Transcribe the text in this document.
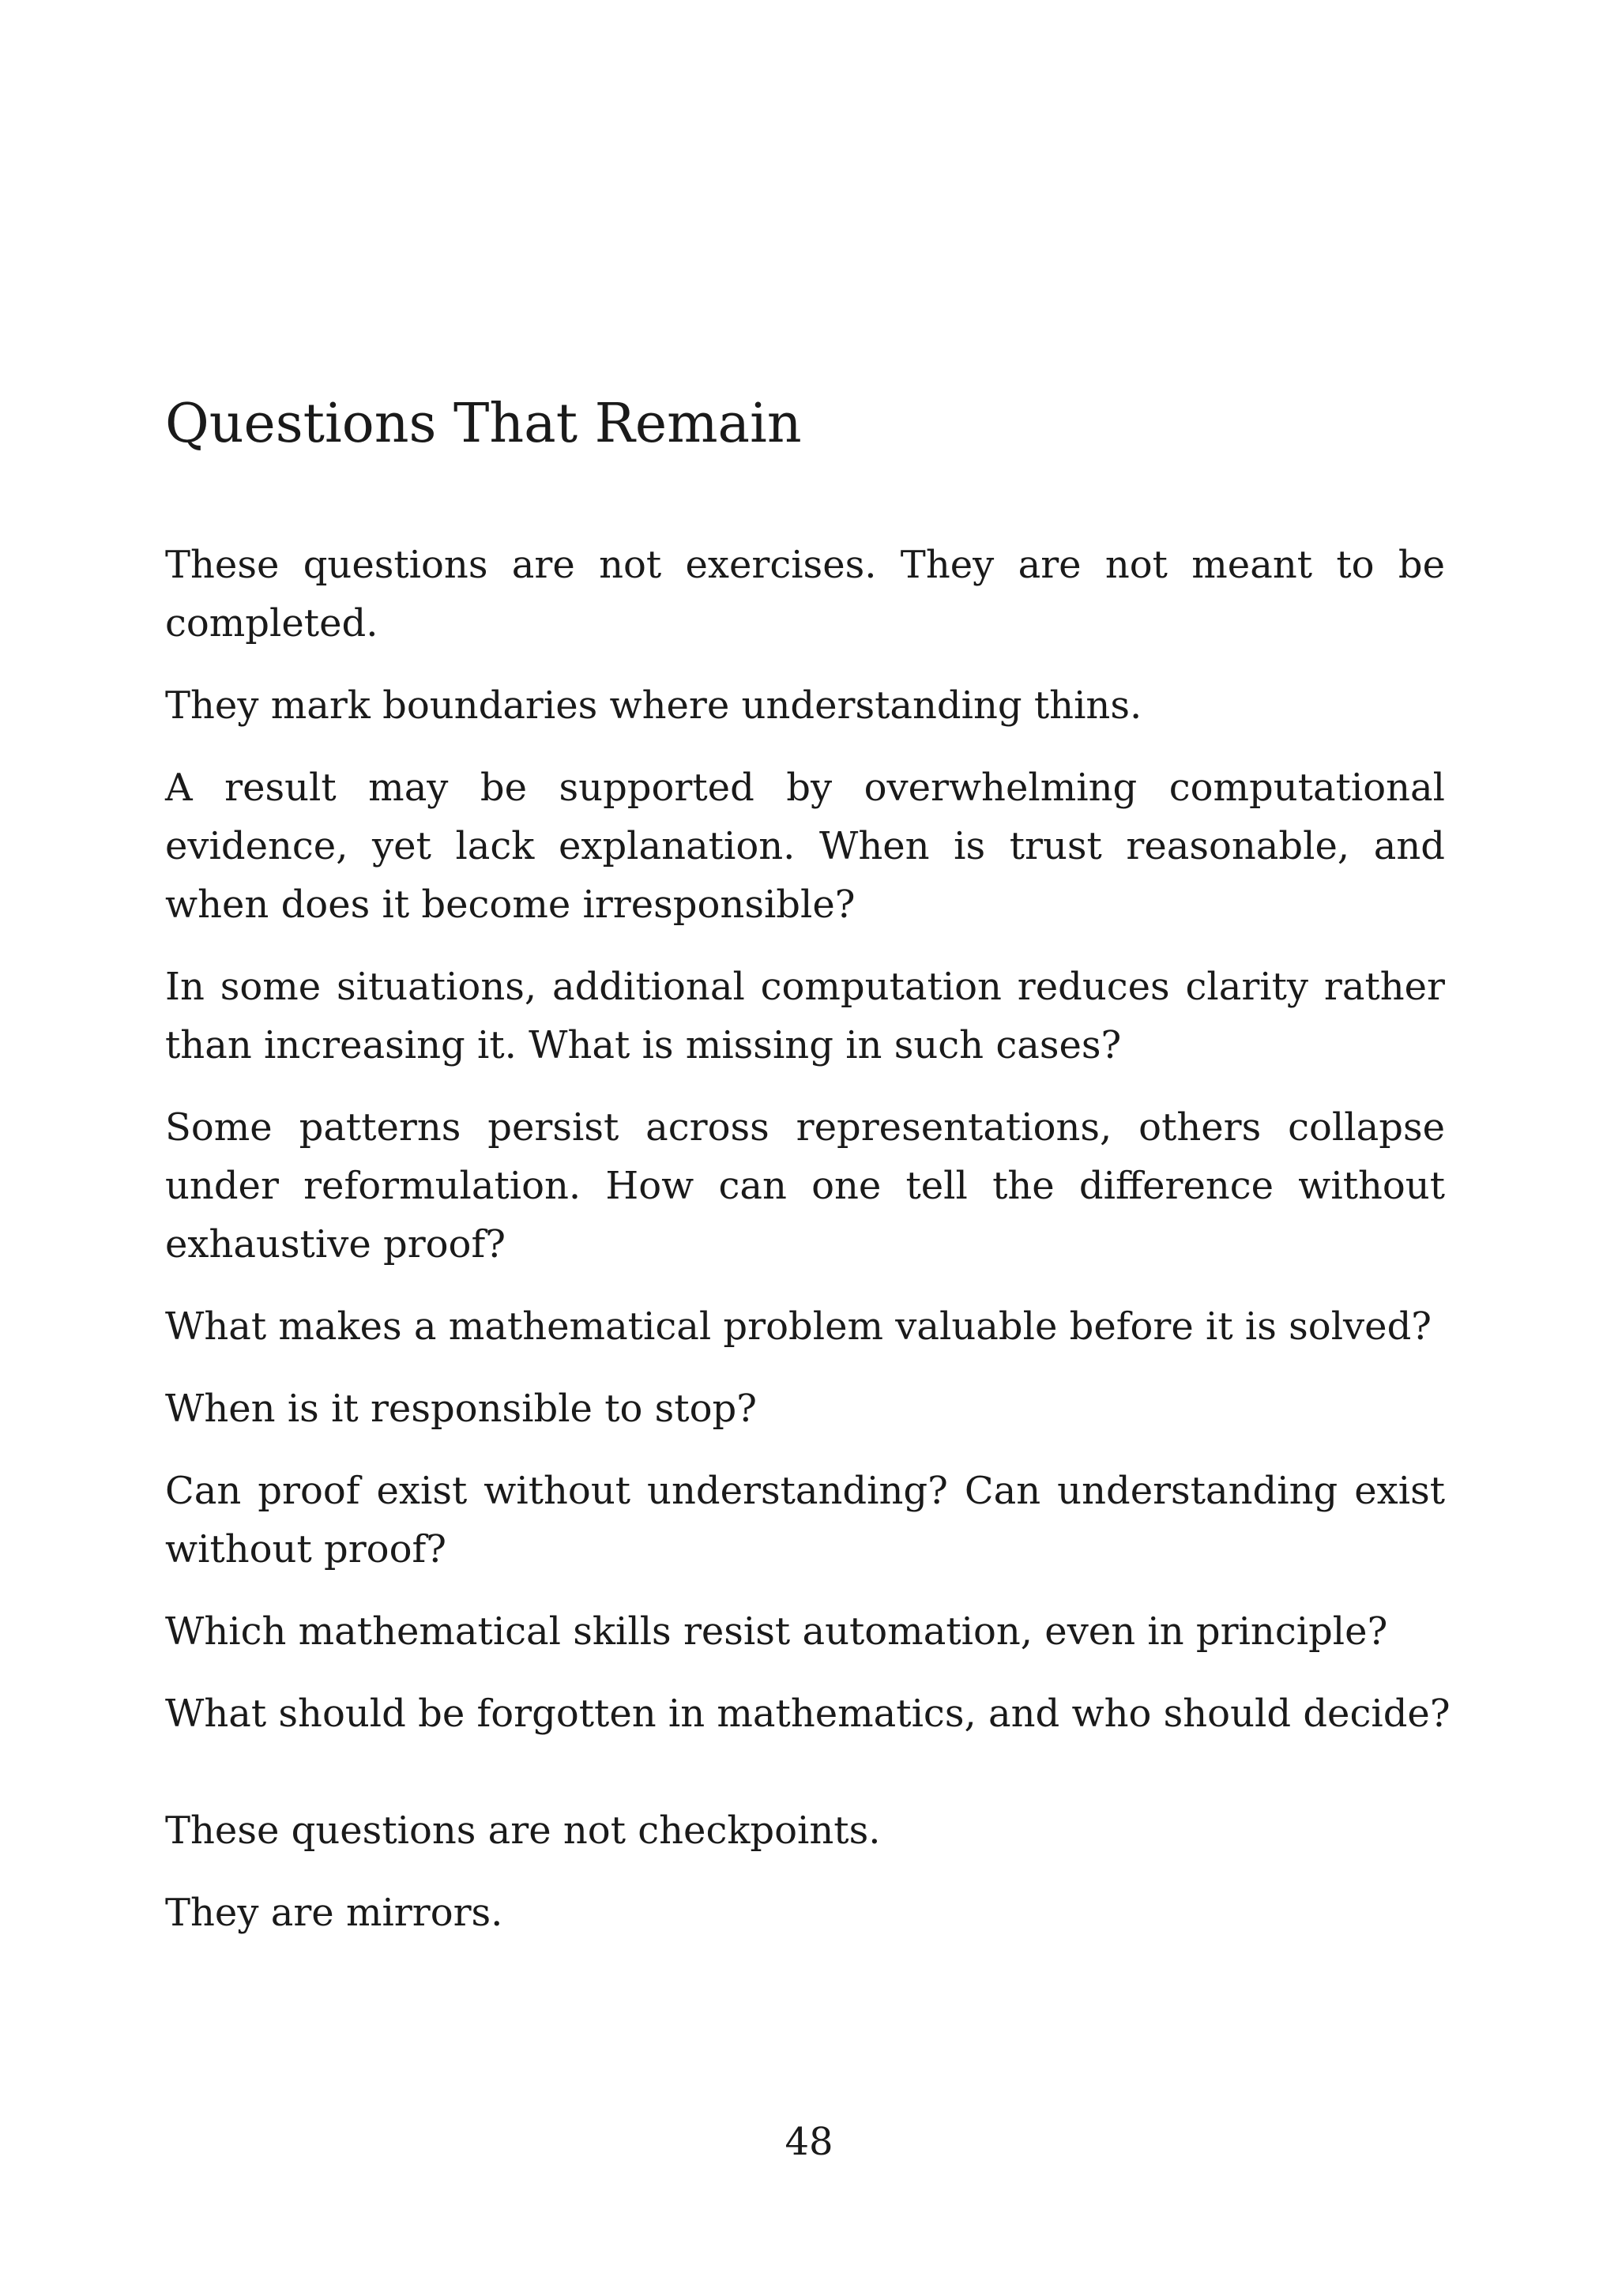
Questions That Remain

These questions are not exercises. They are not meant to be completed.

They mark boundaries where understanding thins.

A result may be supported by overwhelming computational evidence, yet lack explanation. When is trust reasonable, and when does it become irresponsible?

In some situations, additional computation reduces clarity rather than increasing it. What is missing in such cases?

Some patterns persist across representations, others collapse under reformulation. How can one tell the difference without exhaustive proof?

What makes a mathematical problem valuable before it is solved?

When is it responsible to stop?

Can proof exist without understanding? Can understanding exist without proof?

Which mathematical skills resist automation, even in principle?

What should be forgotten in mathematics, and who should decide?

These questions are not checkpoints.

They are mirrors.

48
